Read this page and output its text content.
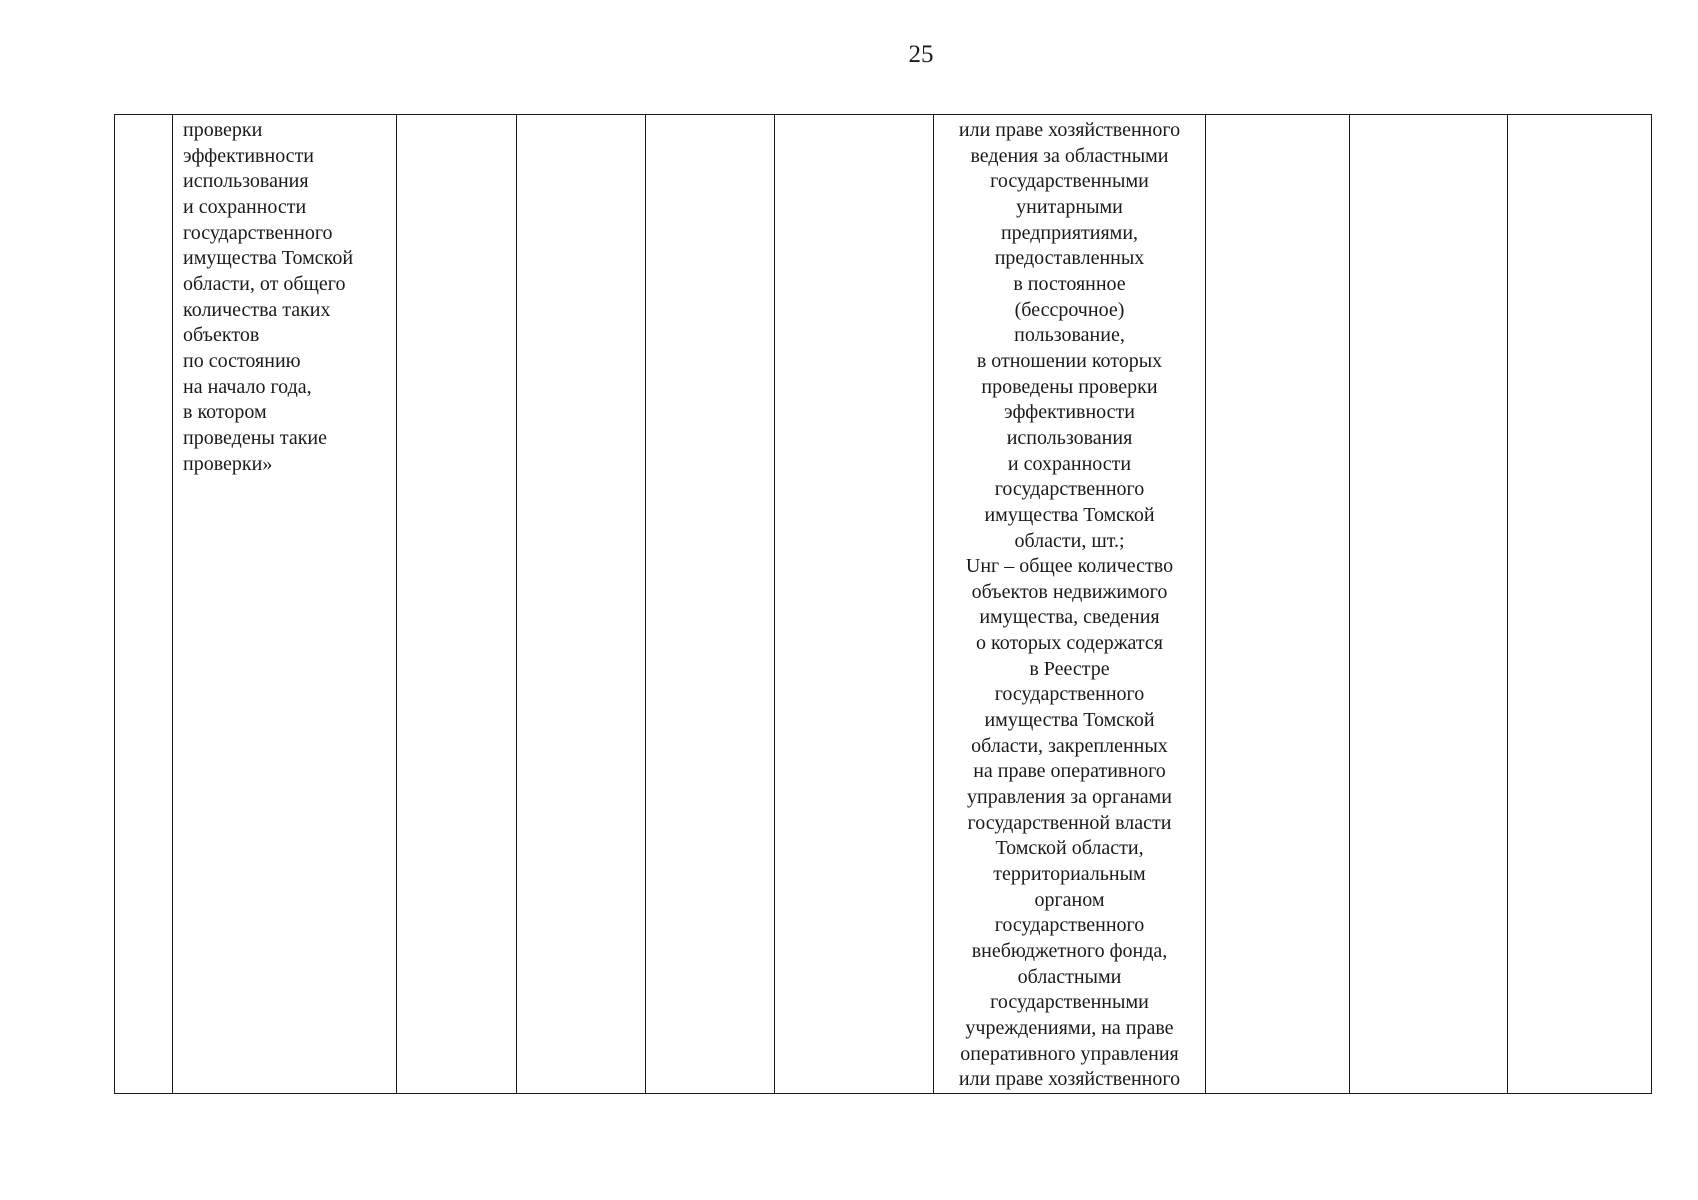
25

проверки
эффективности
использования
и сохранности
государственного
имущества Томской
области, от общего
количества таких
объектов
по состоянию
на начало года,
в котором
проведены такие
проверки»

или праве хозяйственного
ведения за областными
государственными
унитарными
предприятиями,
предоставленных
в постоянное
(бессрочное)
пользование,
в отношении которых
проведены проверки
эффективности
использования
и сохранности
государственного
имущества Томской
области, шт.;
Uнг – общее количество
объектов недвижимого
имущества, сведения
о которых содержатся
в Реестре
государственного
имущества Томской
области, закрепленных
на праве оперативного
управления за органами
государственной власти
Томской области,
территориальным
органом
государственного
внебюджетного фонда,
областными
государственными
учреждениями, на праве
оперативного управления
или праве хозяйственного
